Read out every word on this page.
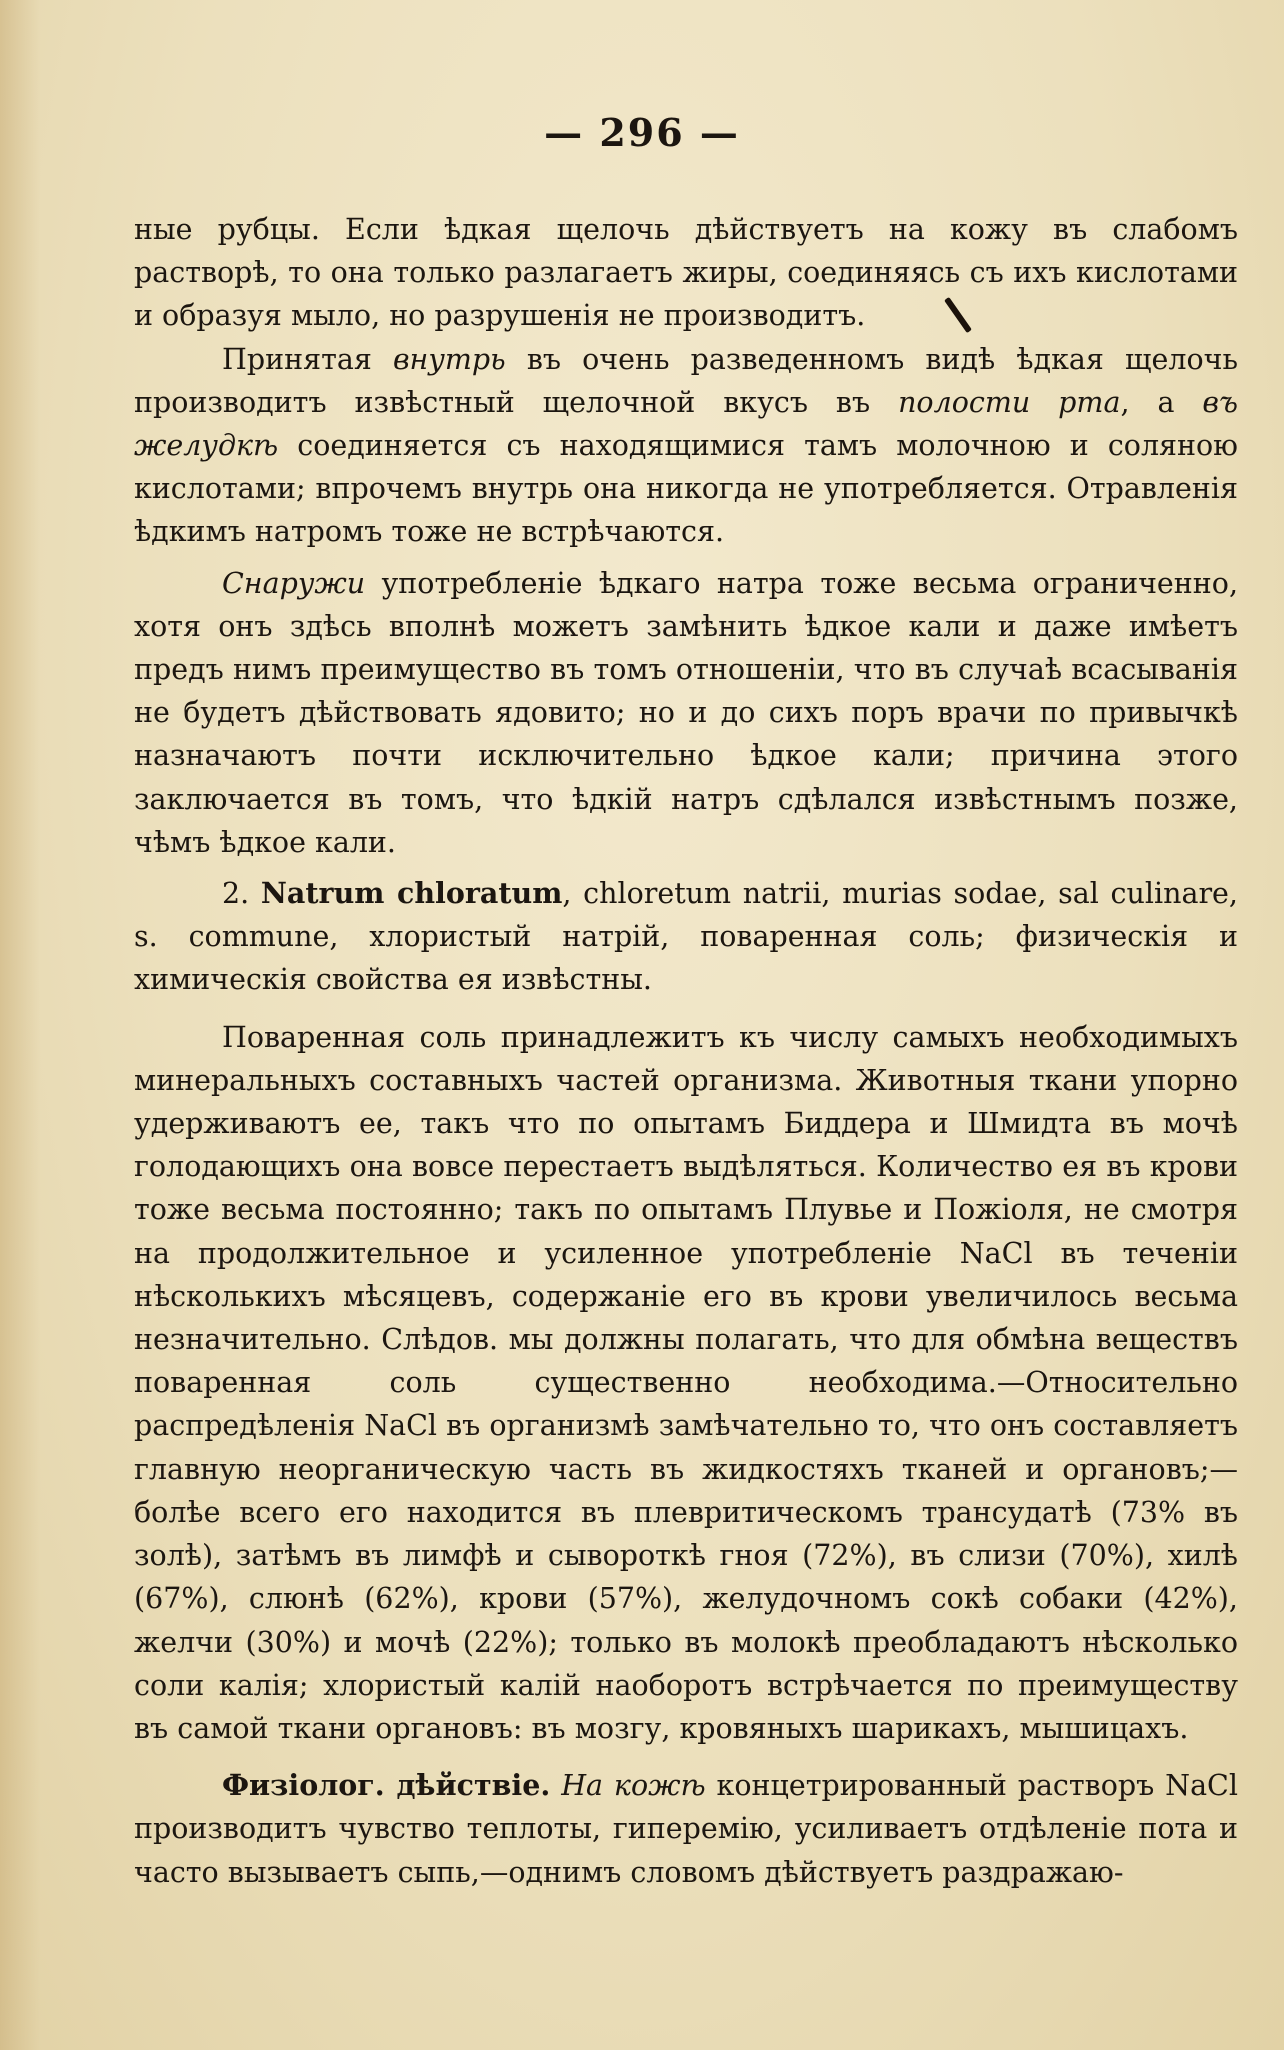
— 296 —

ные рубцы. Если ѣдкая щелочь дѣйствуетъ на кожу въ слабомъ растворѣ, то она только разлагаетъ жиры, соединяясь съ ихъ кислотами и образуя мыло, но разрушенія не производитъ.

Принятая внутрь въ очень разведенномъ видѣ ѣдкая щелочь производитъ извѣстный щелочной вкусъ въ полости рта, а въ желудкѣ соединяется съ находящимися тамъ молочною и соляною кислотами; впрочемъ внутрь она никогда не употребляется. Отравленія ѣдкимъ натромъ тоже не встрѣчаются.

Снаружи употребленіе ѣдкаго натра тоже весьма ограниченно, хотя онъ здѣсь вполнѣ можетъ замѣнить ѣдкое кали и даже имѣетъ предъ нимъ преимущество въ томъ отношеніи, что въ случаѣ всасыванія не будетъ дѣйствовать ядовито; но и до сихъ поръ врачи по привычкѣ назначаютъ почти исключительно ѣдкое кали; причина этого заключается въ томъ, что ѣдкій натръ сдѣлался извѣстнымъ позже, чѣмъ ѣдкое кали.

2. Natrum chloratum, chloretum natrii, murias sodae, sal culinare, s. commune, хлористый натрій, поваренная соль; физическія и химическія свойства ея извѣстны.

Поваренная соль принадлежитъ къ числу самыхъ необходимыхъ минеральныхъ составныхъ частей организма. Животныя ткани упорно удерживаютъ ее, такъ что по опытамъ Биддера и Шмидта въ мочѣ голодающихъ она вовсе перестаетъ выдѣляться. Количество ея въ крови тоже весьма постоянно; такъ по опытамъ Плувье и Пожіоля, не смотря на продолжительное и усиленное употребленіе NaCl въ теченіи нѣсколькихъ мѣсяцевъ, содержаніе его въ крови увеличилось весьма незначительно. Слѣдов. мы должны полагать, что для обмѣна веществъ поваренная соль существенно необходима.—Относительно распредѣленія NaCl въ организмѣ замѣчательно то, что онъ составляетъ главную неорганическую часть въ жидкостяхъ тканей и органовъ;—болѣе всего его находится въ плевритическомъ трансудатѣ (73% въ золѣ), затѣмъ въ лимфѣ и сывороткѣ гноя (72%), въ слизи (70%), хилѣ (67%), слюнѣ (62%), крови (57%), желудочномъ сокѣ собаки (42%), желчи (30%) и мочѣ (22%); только въ молокѣ преобладаютъ нѣсколько соли калія; хлористый калій наоборотъ встрѣчается по преимуществу въ самой ткани органовъ: въ мозгу, кровяныхъ шарикахъ, мышицахъ.

Физіолог. дѣйствіе. На кожѣ концетрированный растворъ NaCl производитъ чувство теплоты, гиперемію, усиливаетъ отдѣленіе пота и часто вызываетъ сыпь,—однимъ словомъ дѣйствуетъ раздражаю-
